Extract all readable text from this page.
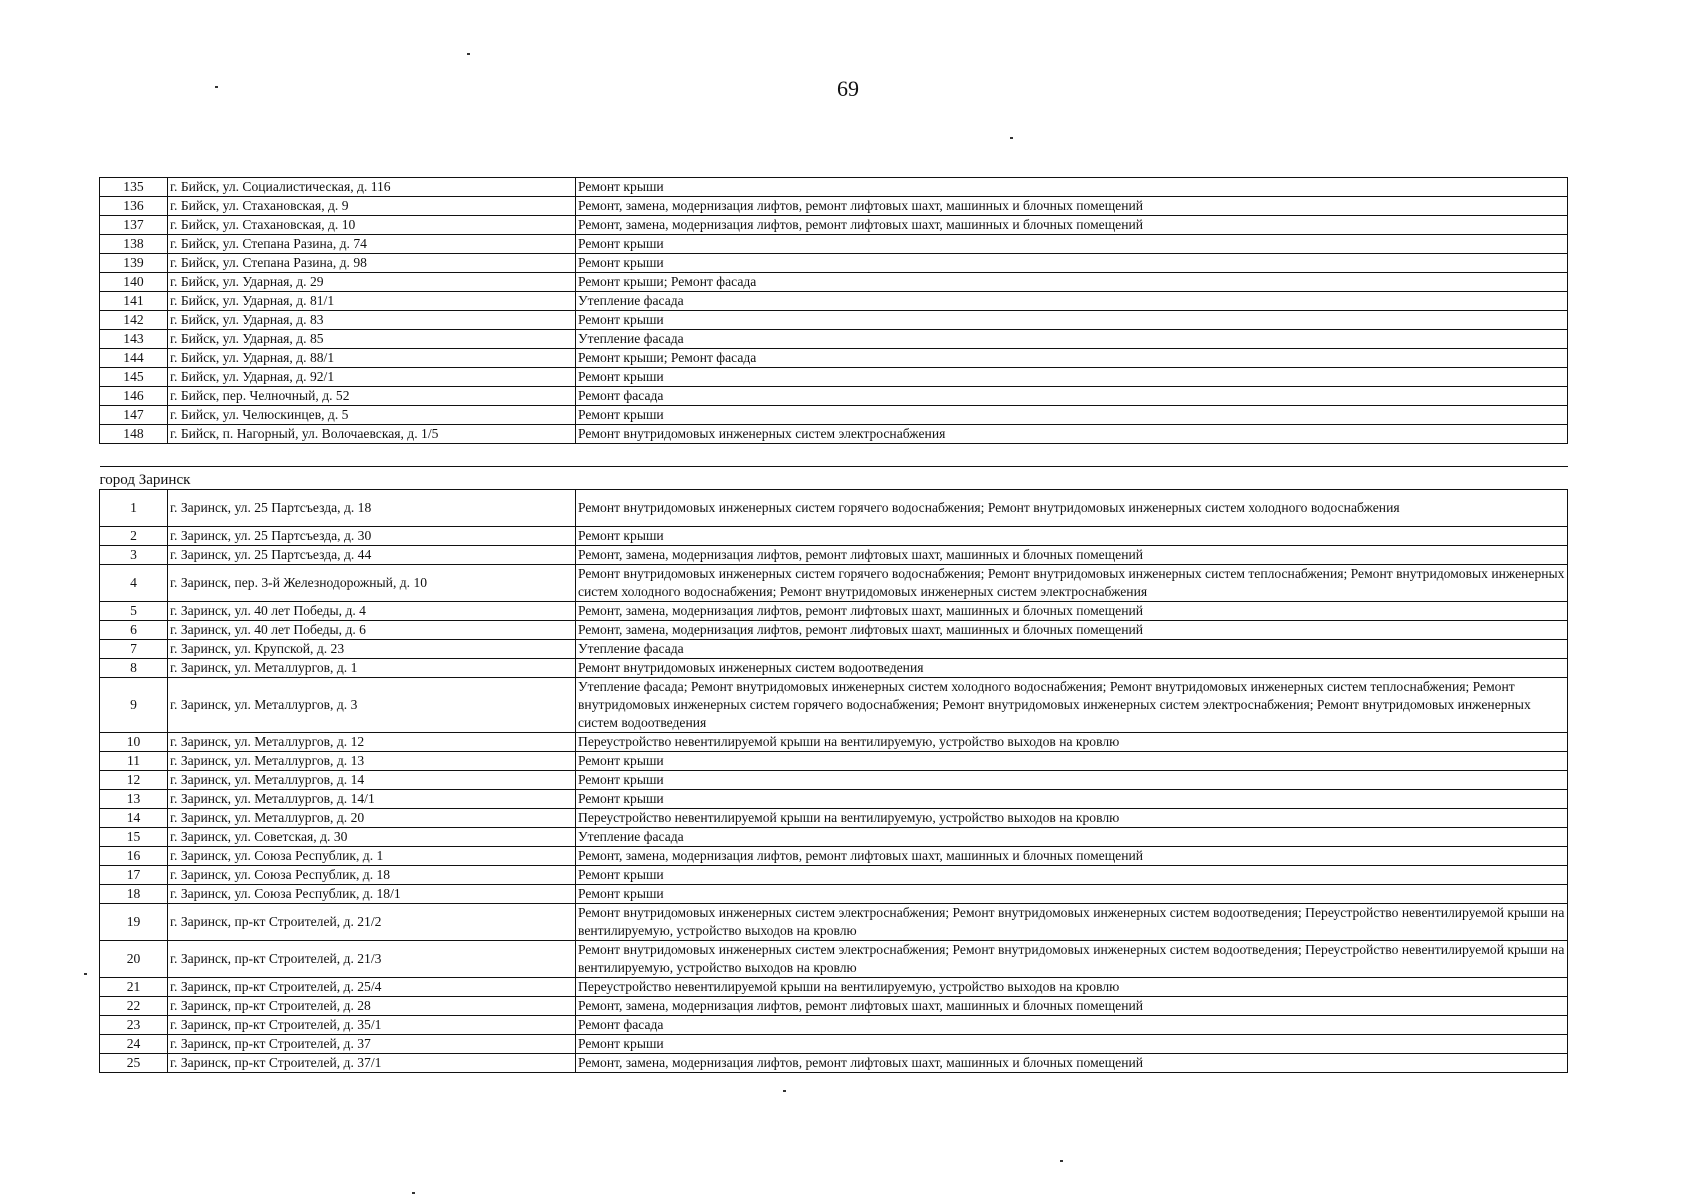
69
135	г. Бийск, ул. Социалистическая, д. 116	Ремонт крыши
136	г. Бийск, ул. Стахановская, д. 9	Ремонт, замена, модернизация лифтов, ремонт лифтовых шахт, машинных и блочных помещений
137	г. Бийск, ул. Стахановская, д. 10	Ремонт, замена, модернизация лифтов, ремонт лифтовых шахт, машинных и блочных помещений
138	г. Бийск, ул. Степана Разина, д. 74	Ремонт крыши
139	г. Бийск, ул. Степана Разина, д. 98	Ремонт крыши
140	г. Бийск, ул. Ударная, д. 29	Ремонт крыши; Ремонт фасада
141	г. Бийск, ул. Ударная, д. 81/1	Утепление фасада
142	г. Бийск, ул. Ударная, д. 83	Ремонт крыши
143	г. Бийск, ул. Ударная, д. 85	Утепление фасада
144	г. Бийск, ул. Ударная, д. 88/1	Ремонт крыши; Ремонт фасада
145	г. Бийск, ул. Ударная, д. 92/1	Ремонт крыши
146	г. Бийск, пер. Челночный, д. 52	Ремонт фасада
147	г. Бийск, ул. Челюскинцев, д. 5	Ремонт крыши
148	г. Бийск, п. Нагорный, ул. Волочаевская, д. 1/5	Ремонт внутридомовых инженерных систем электроснабжения

город Заринск		
1	г. Заринск, ул. 25 Партсъезда, д. 18	Ремонт внутридомовых инженерных систем горячего водоснабжения; Ремонт внутридомовых инженерных систем холодного водоснабжения
2	г. Заринск, ул. 25 Партсъезда, д. 30	Ремонт крыши
3	г. Заринск, ул. 25 Партсъезда, д. 44	Ремонт, замена, модернизация лифтов, ремонт лифтовых шахт, машинных и блочных помещений
4	г. Заринск, пер. 3-й Железнодорожный, д. 10	Ремонт внутридомовых инженерных систем горячего водоснабжения; Ремонт внутридомовых инженерных систем теплоснабжения; Ремонт внутридомовых инженерных систем холодного водоснабжения; Ремонт внутридомовых инженерных систем электроснабжения
5	г. Заринск, ул. 40 лет Победы, д. 4	Ремонт, замена, модернизация лифтов, ремонт лифтовых шахт, машинных и блочных помещений
6	г. Заринск, ул. 40 лет Победы, д. 6	Ремонт, замена, модернизация лифтов, ремонт лифтовых шахт, машинных и блочных помещений
7	г. Заринск, ул. Крупской, д. 23	Утепление фасада
8	г. Заринск, ул. Металлургов, д. 1	Ремонт внутридомовых инженерных систем водоотведения
9	г. Заринск, ул. Металлургов, д. 3	Утепление фасада; Ремонт внутридомовых инженерных систем холодного водоснабжения; Ремонт внутридомовых инженерных систем теплоснабжения; Ремонт внутридомовых инженерных систем горячего водоснабжения; Ремонт внутридомовых инженерных систем электроснабжения; Ремонт внутридомовых инженерных систем водоотведения
10	г. Заринск, ул. Металлургов, д. 12	Переустройство невентилируемой крыши на вентилируемую, устройство выходов на кровлю
11	г. Заринск, ул. Металлургов, д. 13	Ремонт крыши
12	г. Заринск, ул. Металлургов, д. 14	Ремонт крыши
13	г. Заринск, ул. Металлургов, д. 14/1	Ремонт крыши
14	г. Заринск, ул. Металлургов, д. 20	Переустройство невентилируемой крыши на вентилируемую, устройство выходов на кровлю
15	г. Заринск, ул. Советская, д. 30	Утепление фасада
16	г. Заринск, ул. Союза Республик, д. 1	Ремонт, замена, модернизация лифтов, ремонт лифтовых шахт, машинных и блочных помещений
17	г. Заринск, ул. Союза Республик, д. 18	Ремонт крыши
18	г. Заринск, ул. Союза Республик, д. 18/1	Ремонт крыши
19	г. Заринск, пр-кт Строителей, д. 21/2	Ремонт внутридомовых инженерных систем электроснабжения; Ремонт внутридомовых инженерных систем водоотведения; Переустройство невентилируемой крыши на вентилируемую, устройство выходов на кровлю
20	г. Заринск, пр-кт Строителей, д. 21/3	Ремонт внутридомовых инженерных систем электроснабжения; Ремонт внутридомовых инженерных систем водоотведения; Переустройство невентилируемой крыши на вентилируемую, устройство выходов на кровлю
21	г. Заринск, пр-кт Строителей, д. 25/4	Переустройство невентилируемой крыши на вентилируемую, устройство выходов на кровлю
22	г. Заринск, пр-кт Строителей, д. 28	Ремонт, замена, модернизация лифтов, ремонт лифтовых шахт, машинных и блочных помещений
23	г. Заринск, пр-кт Строителей, д. 35/1	Ремонт фасада
24	г. Заринск, пр-кт Строителей, д. 37	Ремонт крыши
25	г. Заринск, пр-кт Строителей, д. 37/1	Ремонт, замена, модернизация лифтов, ремонт лифтовых шахт, машинных и блочных помещений
